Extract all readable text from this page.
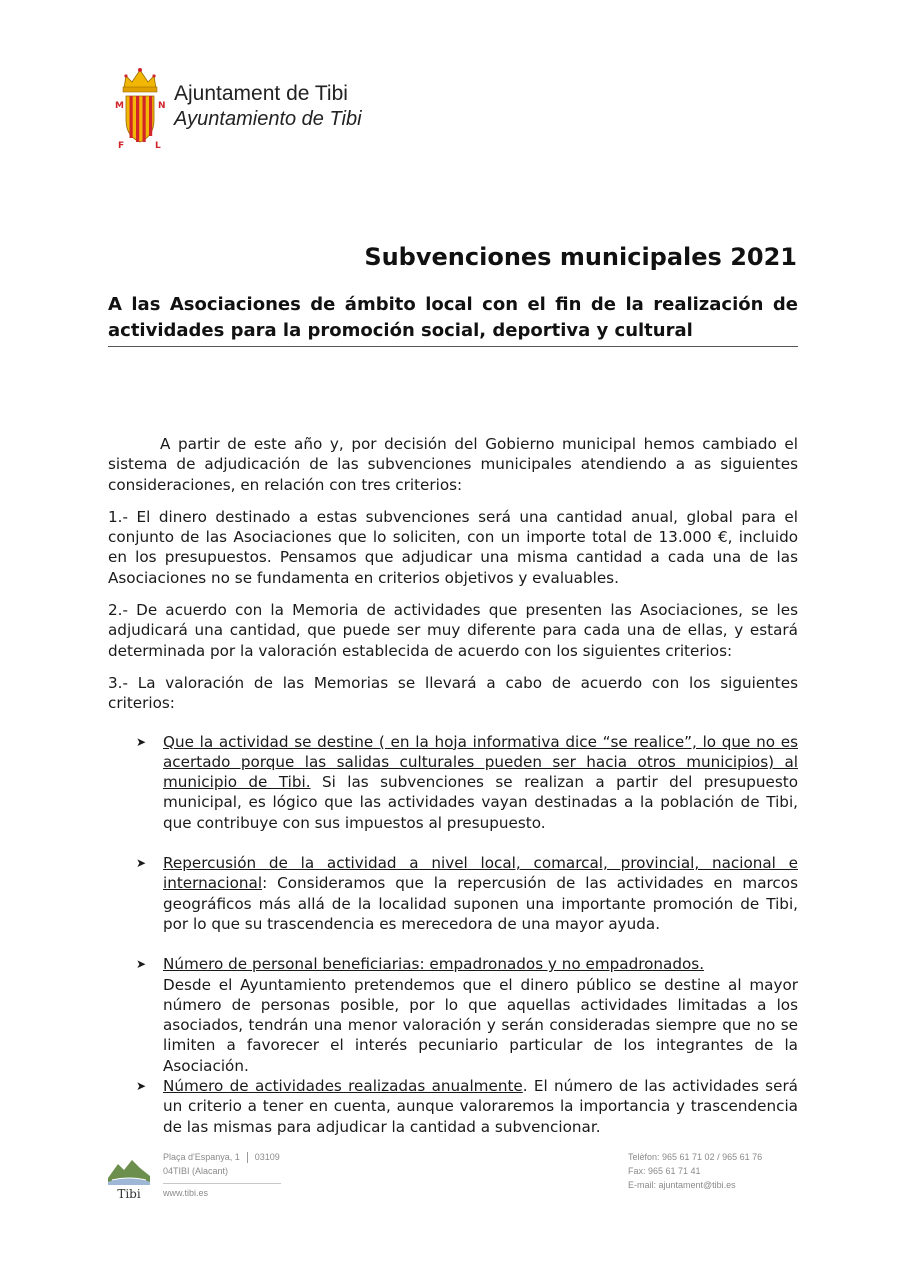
M	N
F	L
Ajuntament de Tibi
Ayuntamiento de Tibi
Subvenciones municipales 2021
A las Asociaciones de ámbito local con el fin de la realización de actividades para la promoción social, deportiva y cultural

A partir de este año y, por decisión del Gobierno municipal hemos cambiado el sistema de adjudicación de las subvenciones municipales atendiendo a as siguientes consideraciones, en relación con tres criterios:

1.- El dinero destinado a estas subvenciones será una cantidad anual, global para el conjunto de las Asociaciones que lo soliciten, con un importe total de 13.000 €, incluido en los presupuestos. Pensamos que adjudicar una misma cantidad a cada una de las Asociaciones no se fundamenta en criterios objetivos y evaluables.

2.- De acuerdo con la Memoria de actividades que presenten las Asociaciones, se les adjudicará una cantidad, que puede ser muy diferente para cada una de ellas, y estará determinada por la valoración establecida de acuerdo con los siguientes criterios:

3.- La valoración de las Memorias se llevará a cabo de acuerdo con los siguientes criterios:

➤ Que la actividad se destine ( en la hoja informativa dice “se realice”, lo que no es acertado porque las salidas culturales pueden ser hacia otros municipios) al municipio de Tibi. Si las subvenciones se realizan a partir del presupuesto municipal, es lógico que las actividades vayan destinadas a la población de Tibi, que contribuye con sus impuestos al presupuesto.
➤ Repercusión de la actividad a nivel local, comarcal, provincial, nacional e internacional: Consideramos que la repercusión de las actividades en marcos geográficos más allá de la localidad suponen una importante promoción de Tibi, por lo que su trascendencia es merecedora de una mayor ayuda.
➤ Número de personal beneficiarias: empadronados y no empadronados.
Desde el Ayuntamiento pretendemos que el dinero público se destine al mayor número de personas posible, por lo que aquellas actividades limitadas a los asociados, tendrán una menor valoración y serán consideradas siempre que no se limiten a favorecer el interés pecuniario particular de los integrantes de la Asociación.
➤ Número de actividades realizadas anualmente. El número de las actividades será un criterio a tener en cuenta, aunque valoraremos la importancia y trascendencia de las mismas para adjudicar la cantidad a subvencionar.
Tibi
Plaça d'Espanya, 1 03109
04TIBI (Alacant)
www.tibi.es
Telèfon: 965 61 71 02 / 965 61 76
Fax: 965 61 71 41
E-mail: ajuntament@tibi.es
